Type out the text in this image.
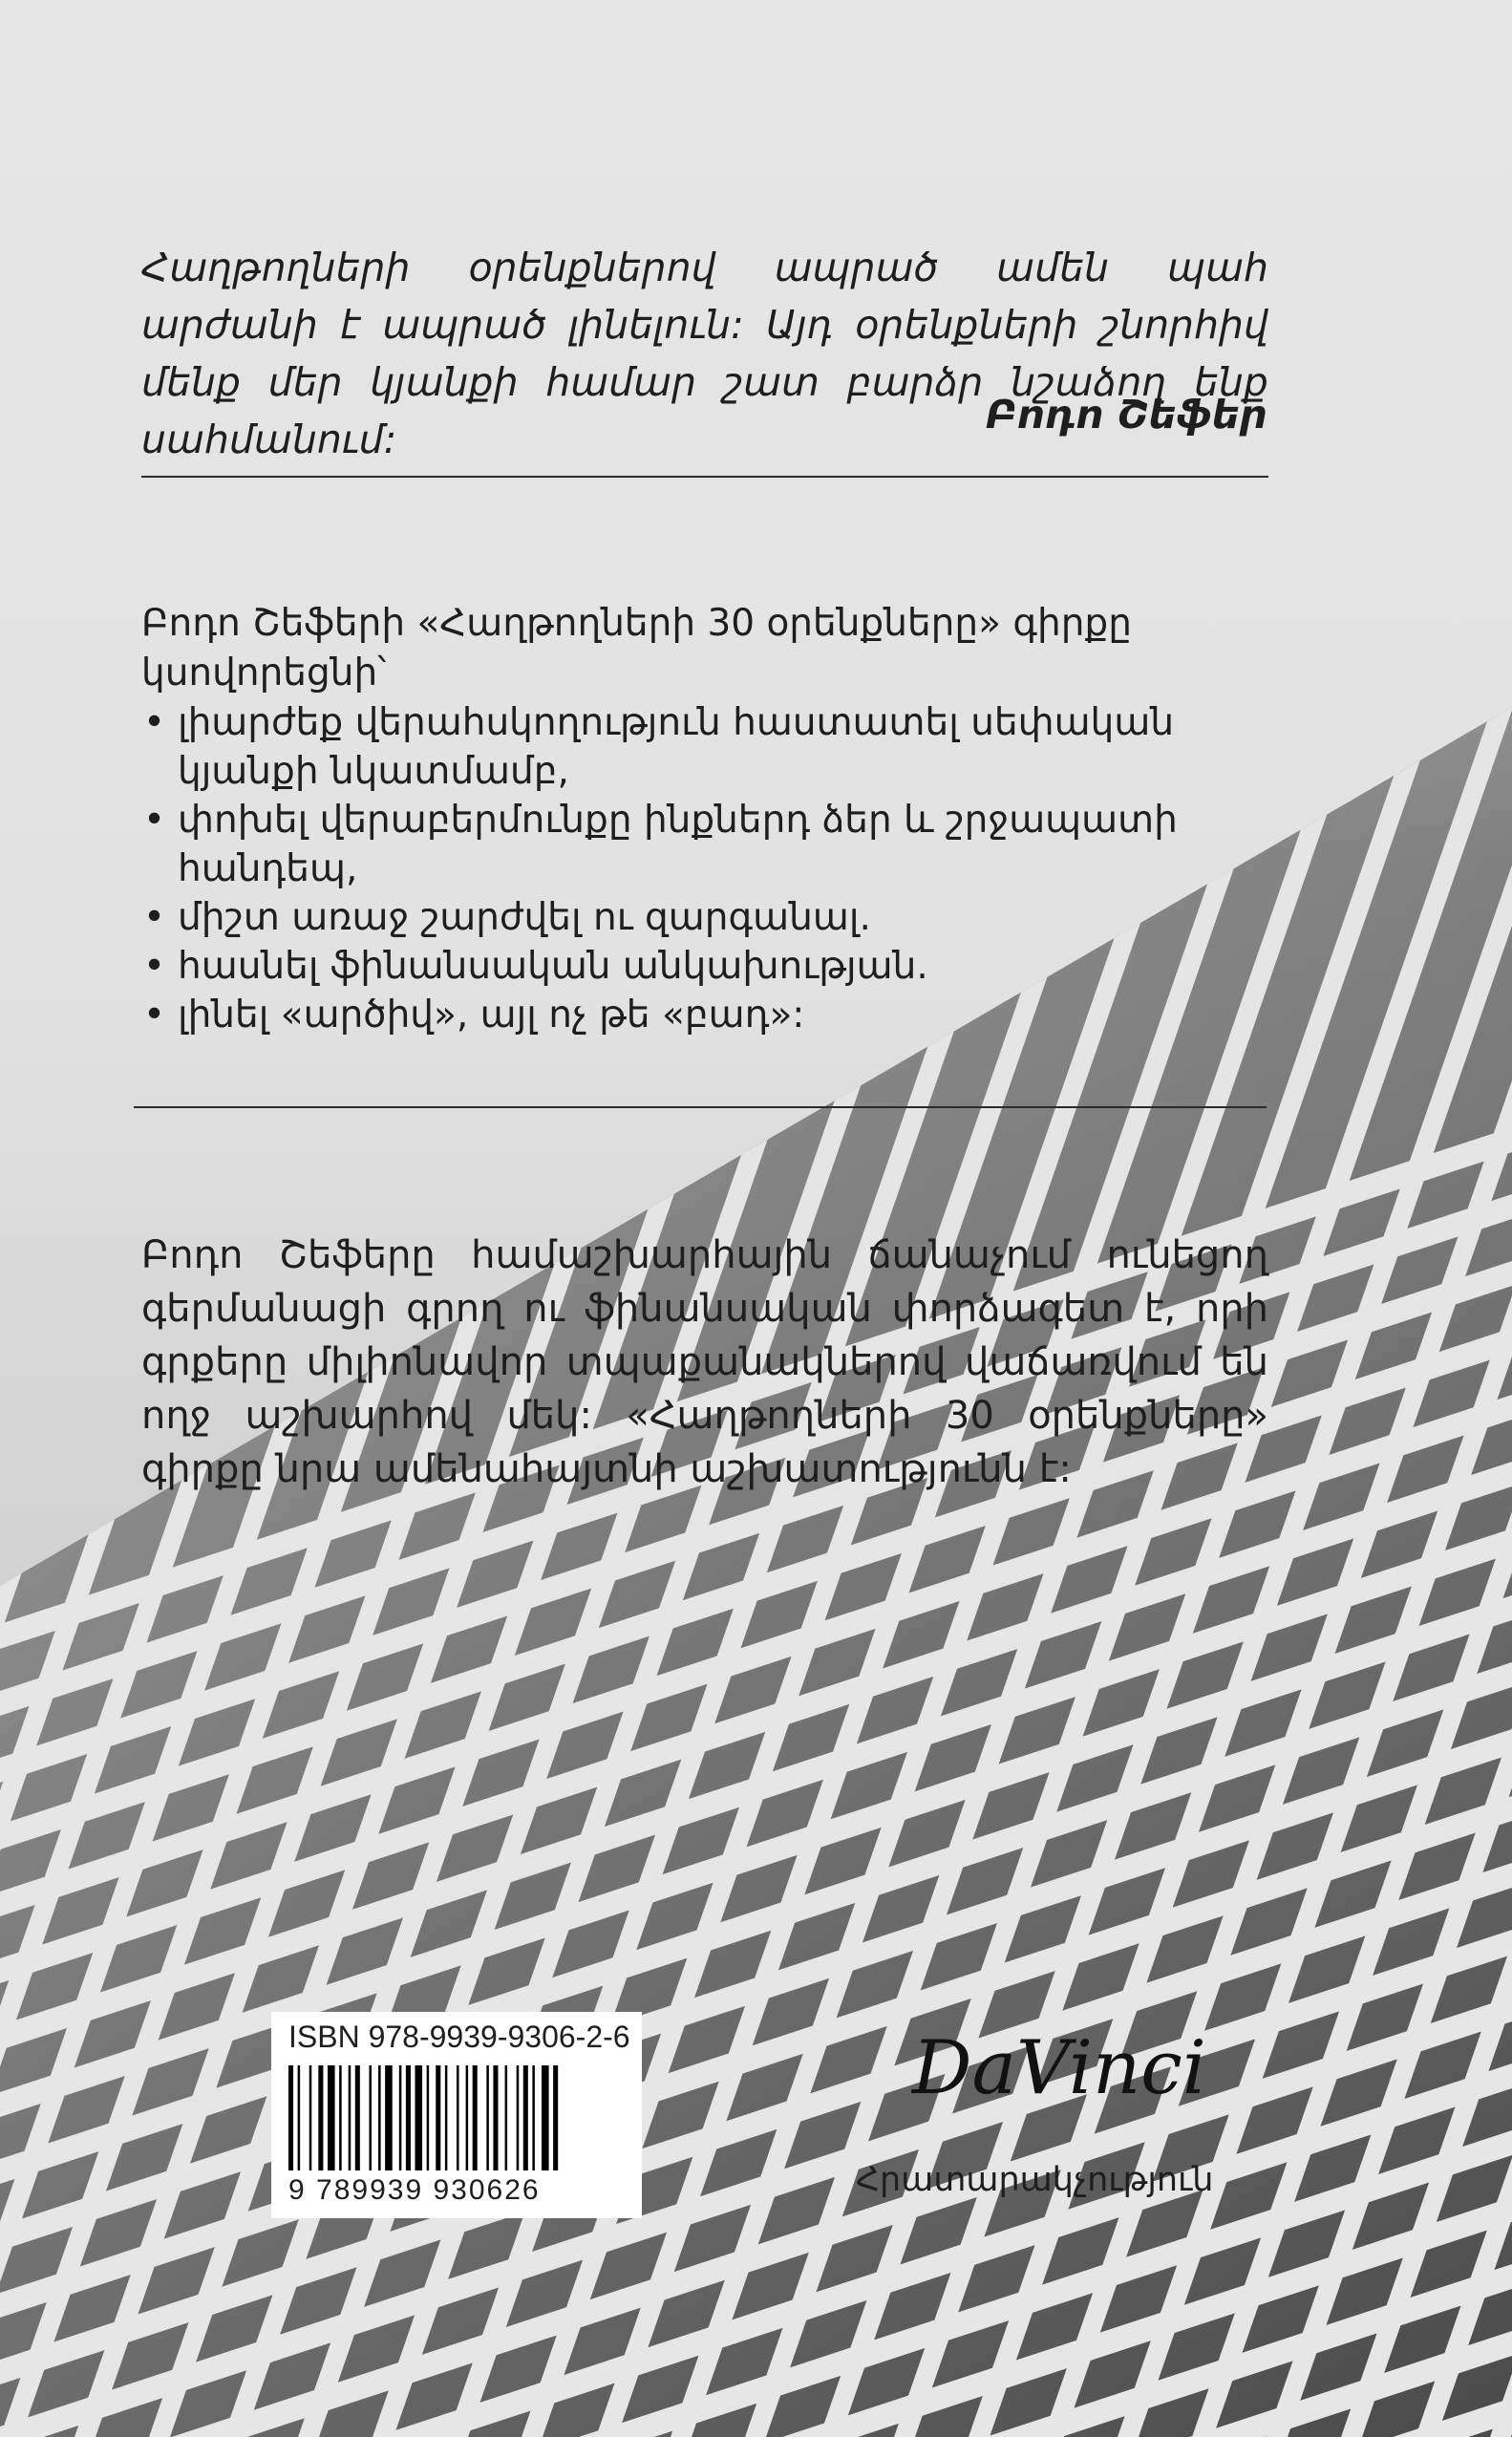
Հաղթողների օրենքներով ապրած ամեն պահ արժանի է ապրած լինելուն: Այդ օրենքների շնորհիվ մենք մեր կյանքի համար շատ բարձր նշաձող ենք սահմանում:
Բոդո Շեֆեր
Բոդո Շեֆերի «Հաղթողների 30 օրենքները» գիրքը կսովորեցնի՝
• լիարժեք վերահսկողություն հաստատել սեփական կյանքի նկատմամբ,
• փոխել վերաբերմունքը ինքներդ ձեր և շրջապատի հանդեպ,
• միշտ առաջ շարժվել ու զարգանալ.
• հասնել ֆինանսական անկախության.
• լինել «արծիվ», այլ ոչ թե «բադ»:
Բոդո Շեֆերը համաշխարհային ճանաչում ունեցող գերմանացի գրող ու ֆինանսական փորձագետ է, որի գրքերը միլիոնավոր տպաքանակներով վաճառվում են ողջ աշխարհով մեկ: «Հաղթողների 30 օրենքները» գիրքը նրա ամենահայտնի աշխատությունն է:
ISBN 978-9939-9306-2-6
9 789939 930626
DaVinci
Հրատարակչություն
